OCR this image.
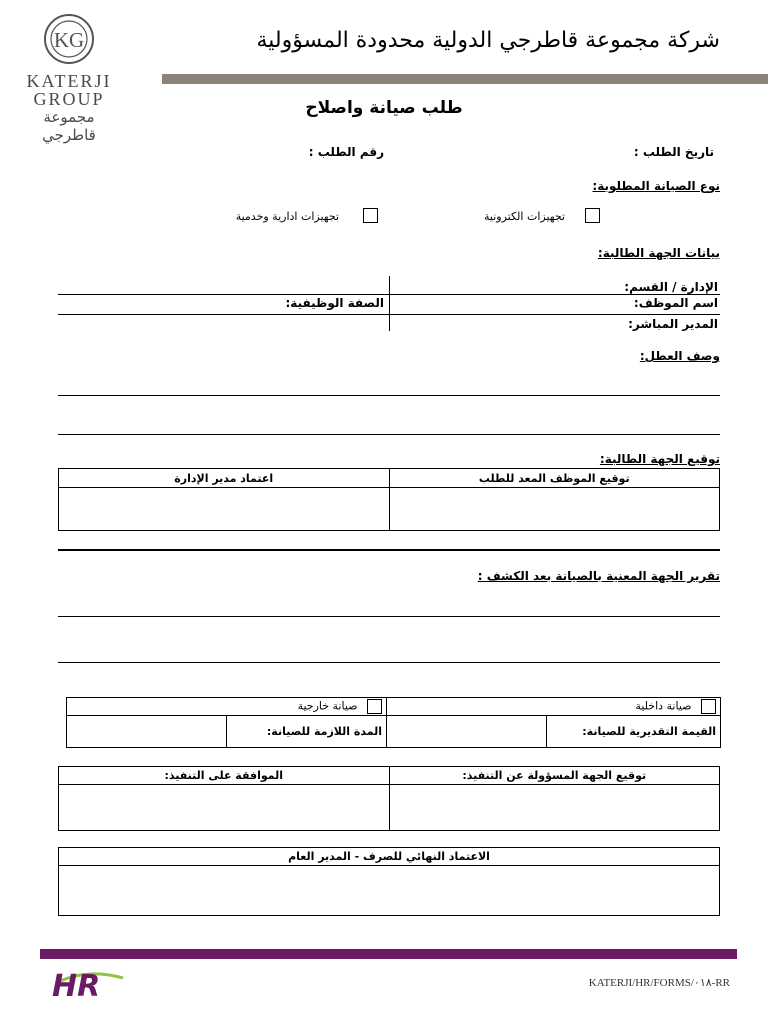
KG
KATERJI
GROUP
مجموعة
قاطرجي
شركة مجموعة قاطرجي الدولية محدودة المسؤولية
طلب صيانة واصلاح
تاريخ الطلب :
رقم الطلب :
نوع الصيانة المطلوبة:
تجهيزات الكترونية
تجهيزات ادارية وخدمية
بيانات الجهة الطالبة:
الإدارة / القسم:
اسم الموظف:
الصفة الوظيفية:
المدير المباشر:
وصف العطل:
توقيع الجهة الطالبة:
اعتماد مدير الإدارة	توقيع الموظف المعد للطلب

تقرير الجهة المعنية بالصيانة بعد الكشف :
صيانة خارجية		صيانة داخلية	
	المدة اللازمة للصيانة:		القيمة التقديرية للصيانة:
الموافقة على التنفيذ:	توقيع الجهة المسؤولة عن التنفيذ:

الاعتماد النهائي للصرف - المدير العام

HR	KATERJI/HR/FORMS/٠١٨-RR
